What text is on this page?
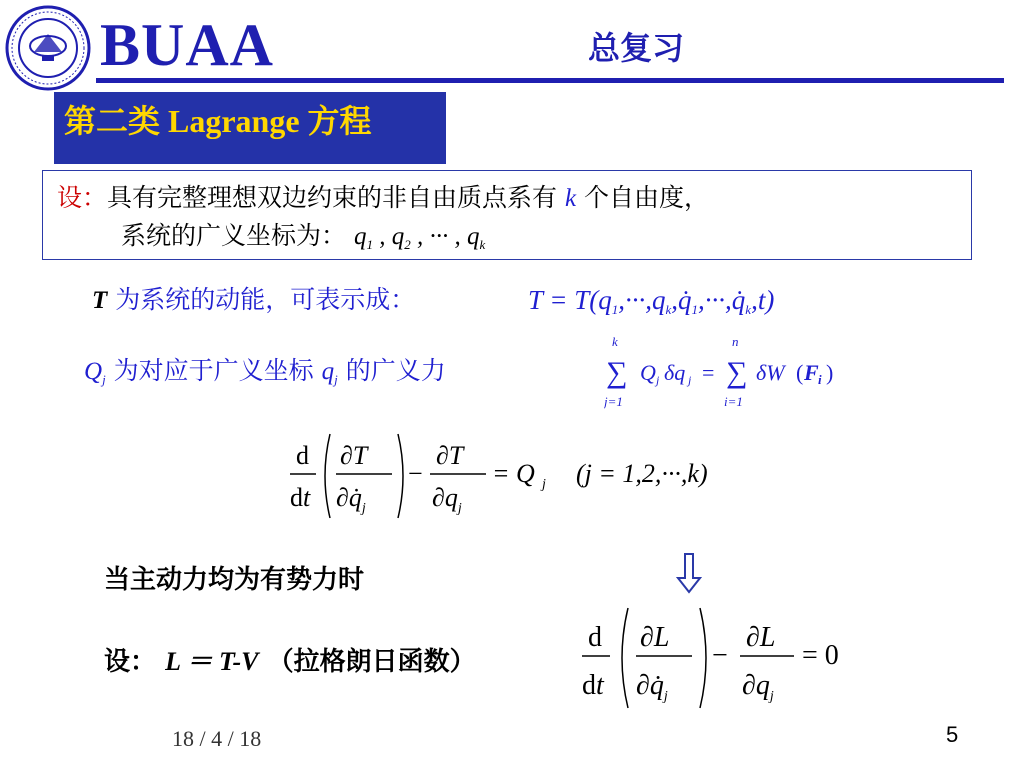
BUAA	总复习
第二类 Lagrange 方程
设：具有完整理想双边约束的非自由质点系有 k 个自由度，
系统的广义坐标为： $q_1$ , $q_2$ , ··· , $q_k$
T 为系统的动能，可表示成：	$T = T(q_1,\cdot\cdot\cdot,q_k,q̇_1,\cdot\cdot\cdot,q̇_k,t)$
$Q_j$ 为对应于广义坐标 $q_j$ 的广义力
k
∑
j=1
Q j δq j =
n
∑
i=1
δW ( F i )
d
dt
∂T
$\partial q̇_j$
−
∂T
$\partial q_j$
= Q j (j = 1,2,···,k)
当主动力均为有势力时
设： L ＝ T-V （拉格朗日函数）
d
dt
∂L
$\partial q̇_j$
−
∂L
$\partial q_j$
= 0
18 / 4 / 18	5
